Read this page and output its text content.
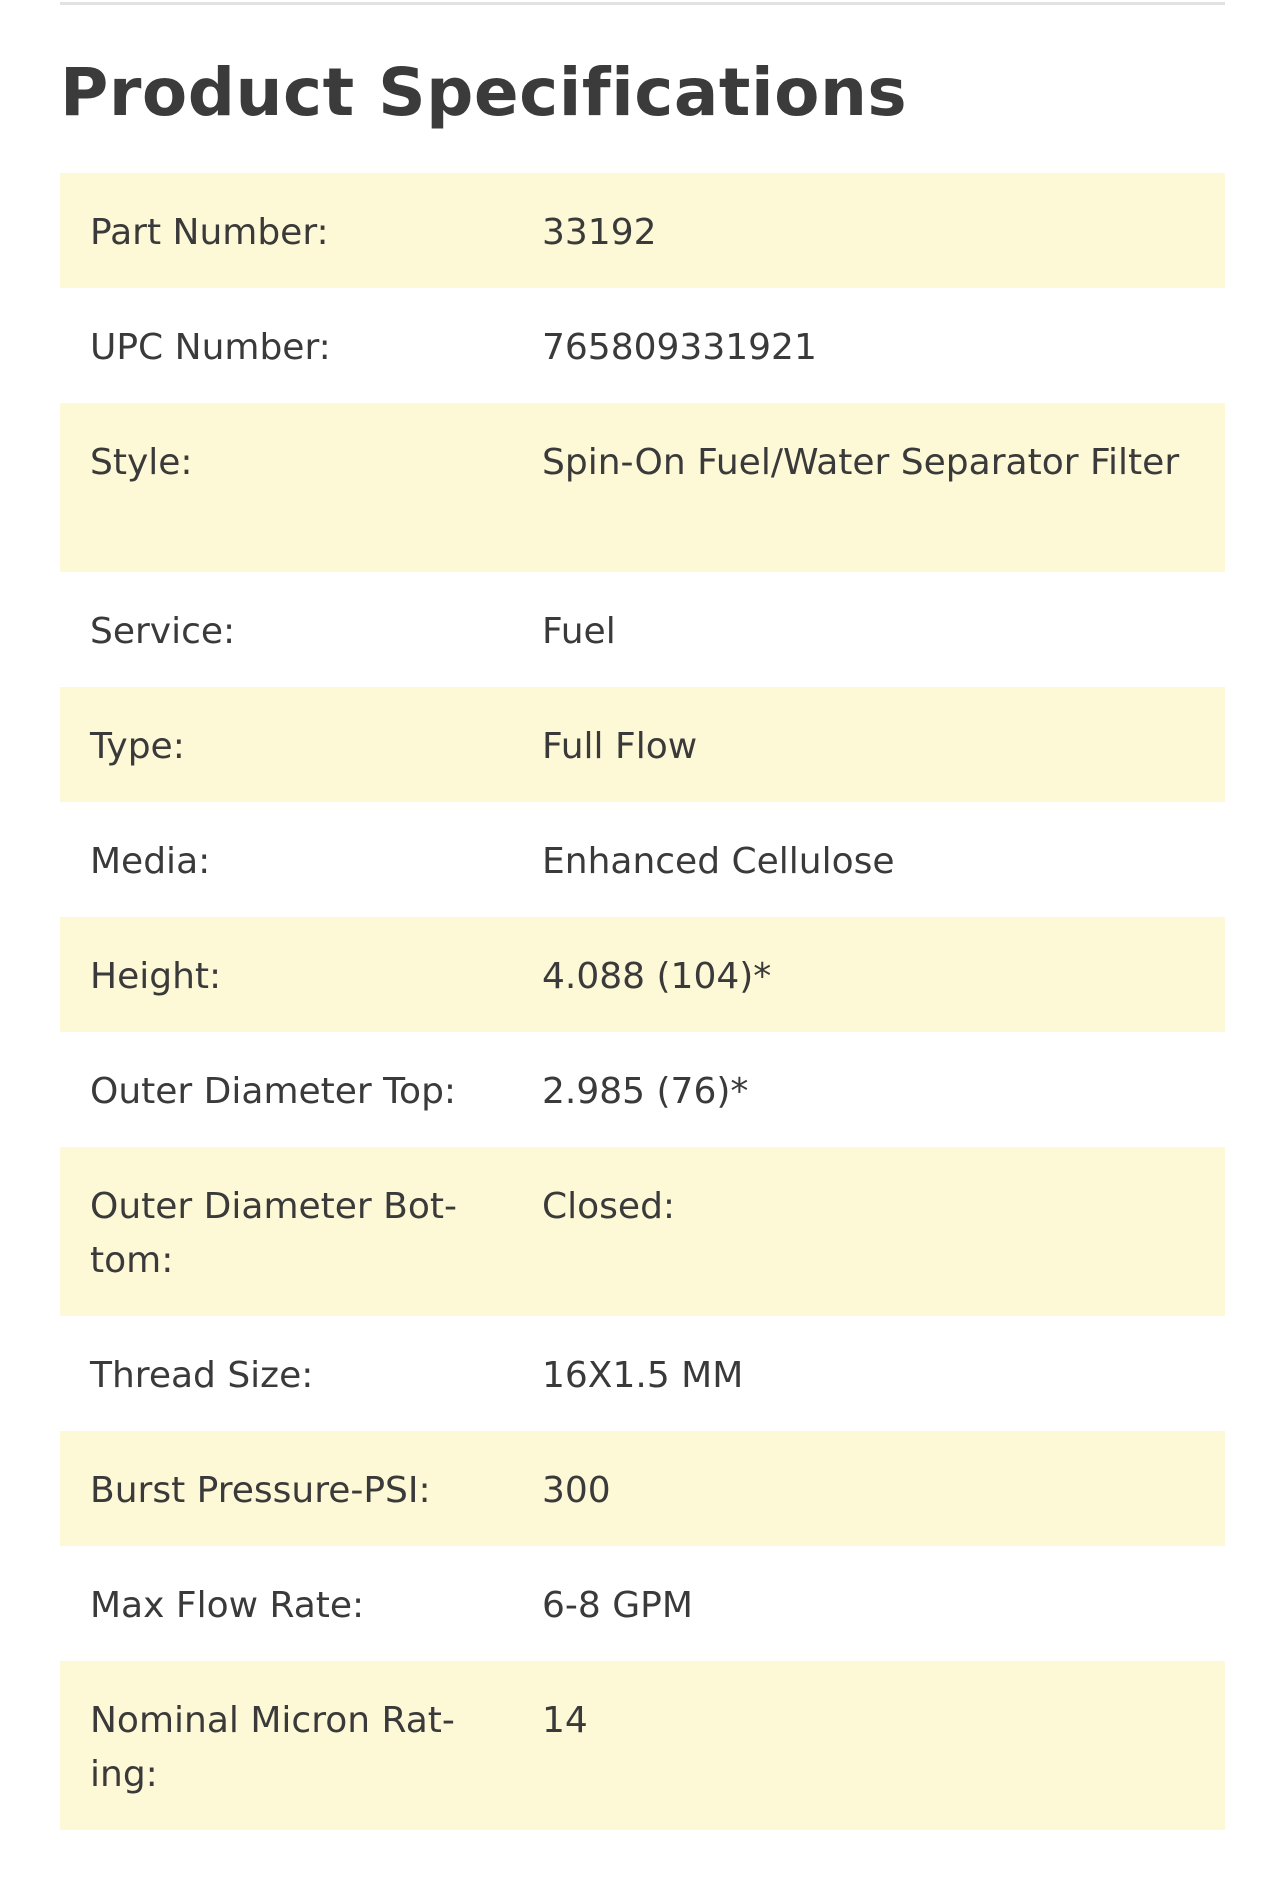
Product Specifications
Part Number:	33192
UPC Number:	765809331921
Style:	Spin-On Fuel/Water Separator Filter
Service:	Fuel
Type:	Full Flow
Media:	Enhanced Cellulose
Height:	4.088 (104)*
Outer Diameter Top:	2.985 (76)*
Outer Diameter Bot-tom:	Closed:
Thread Size:	16X1.5 MM
Burst Pressure-PSI:	300
Max Flow Rate:	6-8 GPM
Nominal Micron Rat-ing:	14
